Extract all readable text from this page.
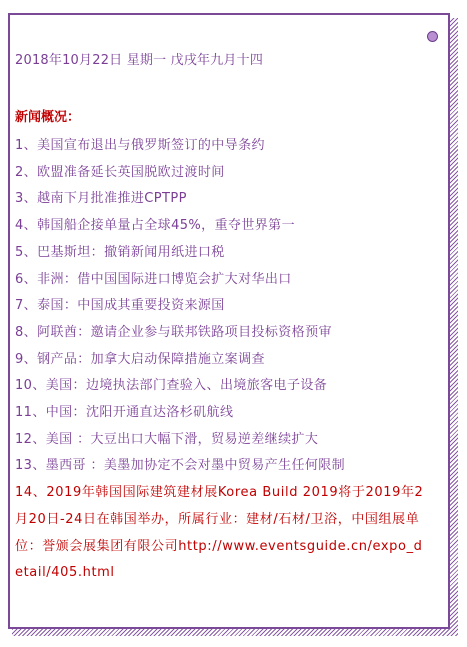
2018年10月22日 星期一 戊戌年九月十四
新闻概况：
1、美国宣布退出与俄罗斯签订的中导条约
2、欧盟准备延长英国脱欧过渡时间
3、越南下月批准推进CPTPP
4、韩国船企接单量占全球45%，重夺世界第一
5、巴基斯坦：撤销新闻用纸进口税
6、非洲：借中国国际进口博览会扩大对华出口
7、泰国：中国成其重要投资来源国
8、阿联酋：邀请企业参与联邦铁路项目投标资格预审
9、钢产品：加拿大启动保障措施立案调查
10、美国：边境执法部门查验入、出境旅客电子设备
11、中国：沈阳开通直达洛杉矶航线
12、美国 ：大豆出口大幅下滑，贸易逆差继续扩大
13、墨西哥 ：美墨加协定不会对墨中贸易产生任何限制
14、2019年韩国国际建筑建材展Korea Build 2019将于2019年2月20日-24日在韩国举办，所属行业：建材/石材/卫浴，中国组展单位：誉颁会展集团有限公司http://www.eventsguide.cn/expo_detail/405.html
